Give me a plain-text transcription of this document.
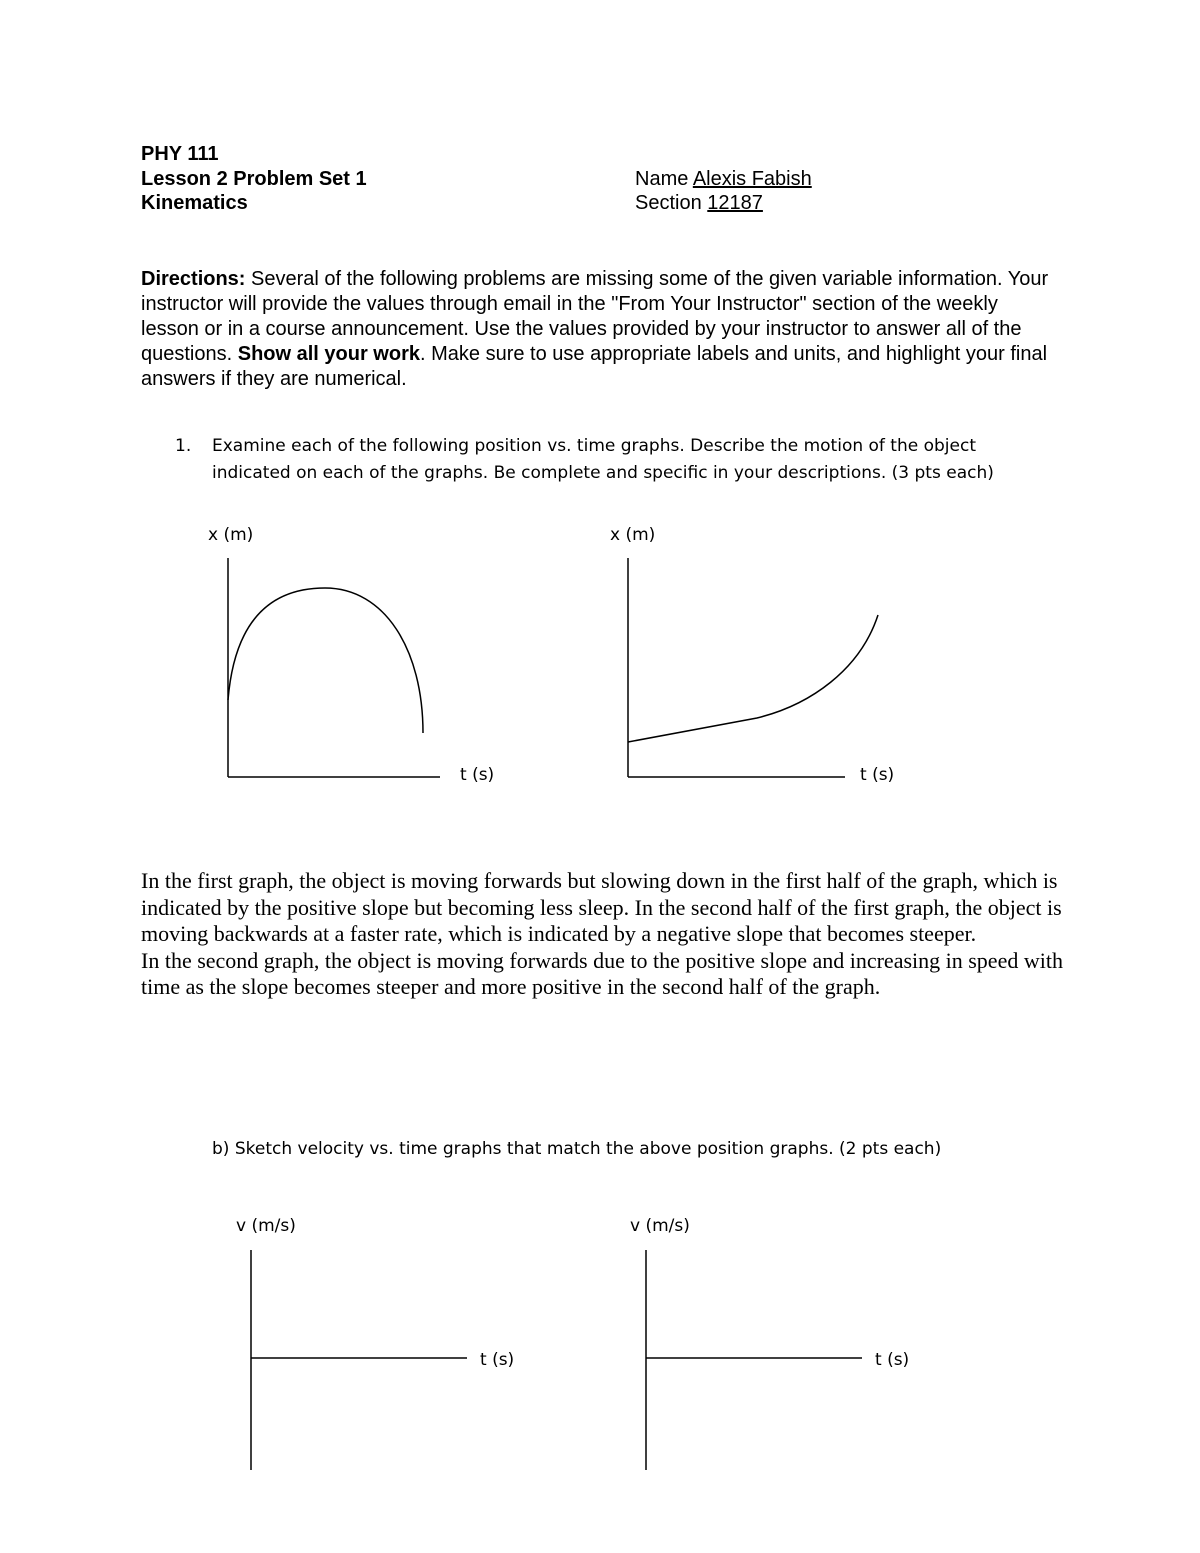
PHY 111
Lesson 2 Problem Set 1
Kinematics
Name Alexis Fabish
Section 12187

Directions: Several of the following problems are missing some of the given variable information. Your instructor will provide the values through email in the "From Your Instructor" section of the weekly lesson or in a course announcement. Use the values provided by your instructor to answer all of the questions. Show all your work. Make sure to use appropriate labels and units, and highlight your final answers if they are numerical.

1. Examine each of the following position vs. time graphs. Describe the motion of the object indicated on each of the graphs. Be complete and specific in your descriptions. (3 pts each)
x (m)
t (s)
x (m)
t (s)

In the first graph, the object is moving forwards but slowing down in the first half of the graph, which is indicated by the positive slope but becoming less sleep. In the second half of the first graph, the object is moving backwards at a faster rate, which is indicated by a negative slope that becomes steeper.

In the second graph, the object is moving forwards due to the positive slope and increasing in speed with time as the slope becomes steeper and more positive in the second half of the graph.

b) Sketch velocity vs. time graphs that match the above position graphs. (2 pts each)
v (m/s)
t (s)
v (m/s)
t (s)
